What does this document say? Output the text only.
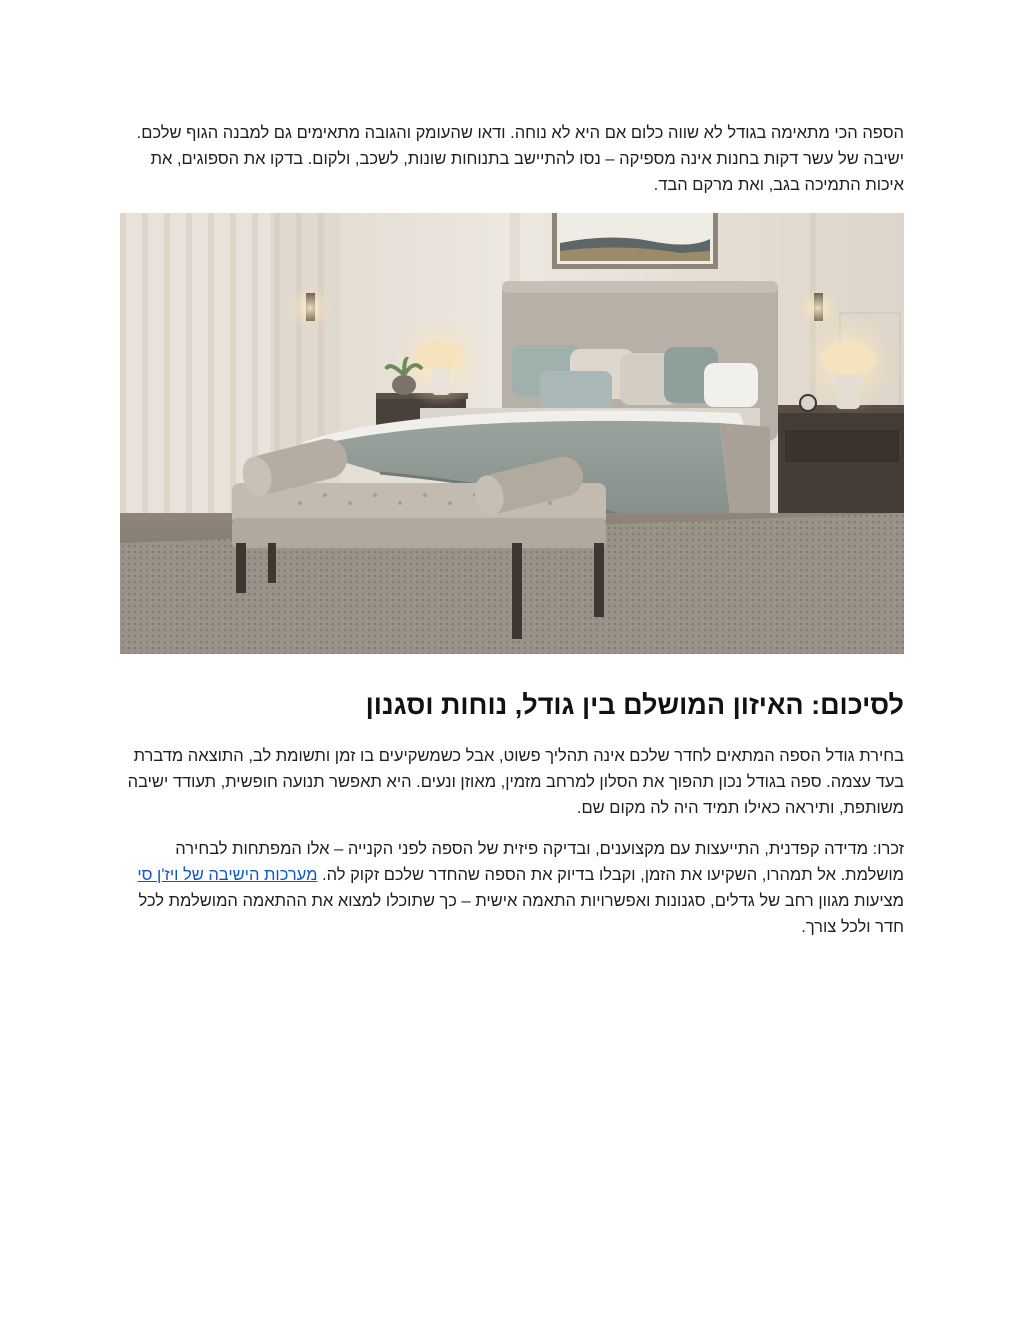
הספה הכי מתאימה בגודל לא שווה כלום אם היא לא נוחה. ודאו שהעומק והגובה מתאימים גם למבנה הגוף שלכם. ישיבה של עשר דקות בחנות אינה מספיקה – נסו להתיישב בתנוחות שונות, לשכב, ולקום. בדקו את הספוגים, את איכות התמיכה בגב, ואת מרקם הבד.

לסיכום: האיזון המושלם בין גודל, נוחות וסגנון

בחירת גודל הספה המתאים לחדר שלכם אינה תהליך פשוט, אבל כשמשקיעים בו זמן ותשומת לב, התוצאה מדברת בעד עצמה. ספה בגודל נכון תהפוך את הסלון למרחב מזמין, מאוזן ונעים. היא תאפשר תנועה חופשית, תעודד ישיבה משותפת, ותיראה כאילו תמיד היה לה מקום שם.

זכרו: מדידה קפדנית, התייעצות עם מקצוענים, ובדיקה פיזית של הספה לפני הקנייה – אלו המפתחות לבחירה מושלמת. אל תמהרו, השקיעו את הזמן, וקבלו בדיוק את הספה שהחדר שלכם זקוק לה. מערכות הישיבה של ויז'ן סי מציעות מגוון רחב של גדלים, סגנונות ואפשרויות התאמה אישית – כך שתוכלו למצוא את ההתאמה המושלמת לכל חדר ולכל צורך.
